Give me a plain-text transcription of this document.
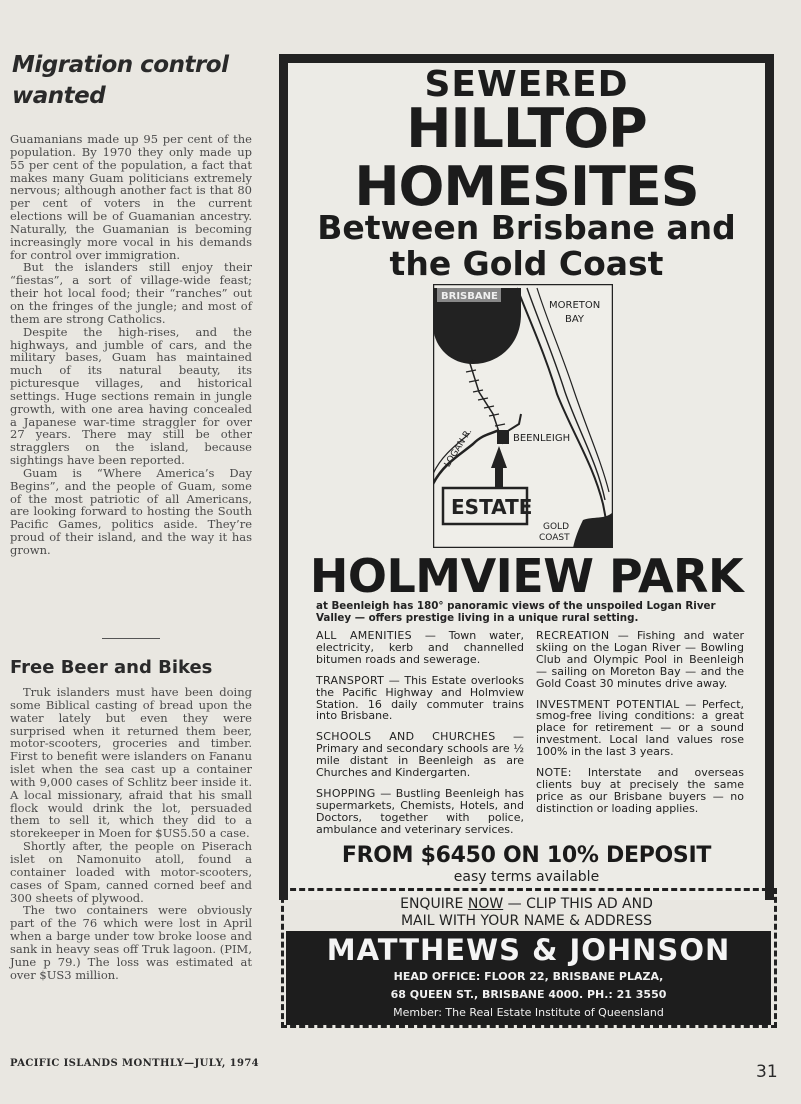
Migration control
wanted

Guamanians made up 95 per cent of the population. By 1970 they only made up 55 per cent of the population, a fact that makes many Guam politicians extremely nervous; although another fact is that 80 per cent of voters in the current elections will be of Guamanian ancestry. Naturally, the Guamanian is becoming increasingly more vocal in his demands for control over immigration.

But the islanders still enjoy their “fiestas”, a sort of village-wide feast; their hot local food; their “ranches” out on the fringes of the jungle; and most of them are strong Catholics.

Despite the high-rises, and the highways, and jumble of cars, and the military bases, Guam has maintained much of its natural beauty, its picturesque villages, and historical settings. Huge sections remain in jungle growth, with one area having concealed a Japanese war-time straggler for over 27 years. There may still be other stragglers on the island, because sightings have been reported.

Guam is “Where America’s Day Begins”, and the people of Guam, some of the most patriotic of all Americans, are looking forward to hosting the South Pacific Games, politics aside. They’re proud of their island, and the way it has grown.

Free Beer and Bikes

Truk islanders must have been doing some Biblical casting of bread upon the water lately but even they were surprised when it returned them beer, motor-scooters, groceries and timber. First to benefit were islanders on Fananu islet when the sea cast up a container with 9,000 cases of Schlitz beer inside it. A local missionary, afraid that his small flock would drink the lot, persuaded them to sell it, which they did to a storekeeper in Moen for $US5.50 a case.

Shortly after, the people on Piserach islet on Namonuito atoll, found a container loaded with motor-scooters, cases of Spam, canned corned beef and 300 sheets of plywood.

The two containers were obviously part of the 76 which were lost in April when a barge under tow broke loose and sank in heavy seas off Truk lagoon. (PIM, June p 79.) The loss was estimated at over $US3 million.

PACIFIC ISLANDS MONTHLY—JULY, 1974	31
SEWERED
HILLTOP
HOMESITES
Between Brisbane and
the Gold Coast
BRISBANE
MORETON
BAY
LOGAN R.	BEENLEIGH
ESTATE
GOLD
COAST
HOLMVIEW PARK
at Beenleigh has 180° panoramic views of the unspoiled Logan River Valley — offers prestige living in a unique rural setting.

ALL AMENITIES — Town water, electricity, kerb and channelled bitumen roads and sewerage.

TRANSPORT — This Estate overlooks the Pacific Highway and Holmview Station. 16 daily commuter trains into Brisbane.

SCHOOLS AND CHURCHES — Primary and secondary schools are ½ mile distant in Beenleigh as are Churches and Kindergarten.

SHOPPING — Bustling Beenleigh has supermarkets, Chemists, Hotels, and Doctors, together with police, ambulance and veterinary services.

RECREATION — Fishing and water skiing on the Logan River — Bowling Club and Olympic Pool in Beenleigh — sailing on Moreton Bay — and the Gold Coast 30 minutes drive away.

INVESTMENT POTENTIAL — Perfect, smog-free living conditions: a great place for retirement — or a sound investment. Local land values rose 100% in the last 3 years.

NOTE: Interstate and overseas clients buy at precisely the same price as our Brisbane buyers — no distinction or loading applies.

FROM $6450 ON 10% DEPOSIT
easy terms available
ENQUIRE NOW — CLIP THIS AD AND
MAIL WITH YOUR NAME & ADDRESS
MATTHEWS & JOHNSON
HEAD OFFICE: FLOOR 22, BRISBANE PLAZA,
68 QUEEN ST., BRISBANE 4000. PH.: 21 3550
Member: The Real Estate Institute of Queensland
